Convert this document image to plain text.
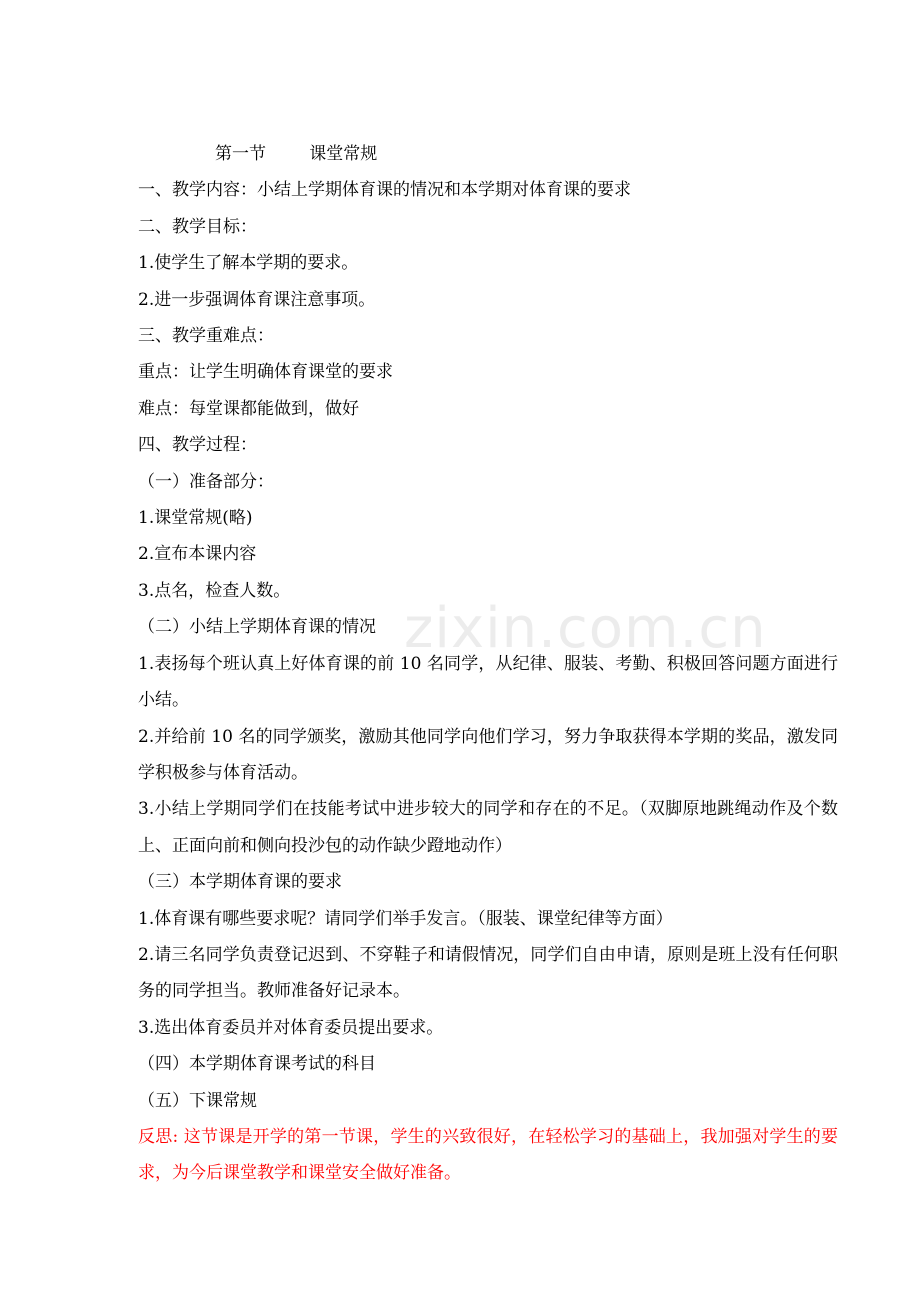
zixin.com.cn
第一节        课堂常规
一、教学内容：小结上学期体育课的情况和本学期对体育课的要求
二、教学目标：
1.使学生了解本学期的要求。
2.进一步强调体育课注意事项。
三、教学重难点：
重点：让学生明确体育课堂的要求
难点：每堂课都能做到，做好
四、教学过程：
（一）准备部分：
1.课堂常规(略)
2.宣布本课内容
3.点名，检查人数。
（二）小结上学期体育课的情况
1.表扬每个班认真上好体育课的前 10 名同学，从纪律、服装、考勤、积极回答问题方面进行小结。
2.并给前 10 名的同学颁奖，激励其他同学向他们学习，努力争取获得本学期的奖品，激发同学积极参与体育活动。
3.小结上学期同学们在技能考试中进步较大的同学和存在的不足。（双脚原地跳绳动作及个数上、正面向前和侧向投沙包的动作缺少蹬地动作）
（三）本学期体育课的要求
1.体育课有哪些要求呢？请同学们举手发言。（服装、课堂纪律等方面）
2.请三名同学负责登记迟到、不穿鞋子和请假情况，同学们自由申请，原则是班上没有任何职务的同学担当。教师准备好记录本。
3.选出体育委员并对体育委员提出要求。
（四）本学期体育课考试的科目
（五）下课常规
反思: 这节课是开学的第一节课，学生的兴致很好，在轻松学习的基础上，我加强对学生的要求，为今后课堂教学和课堂安全做好准备。
